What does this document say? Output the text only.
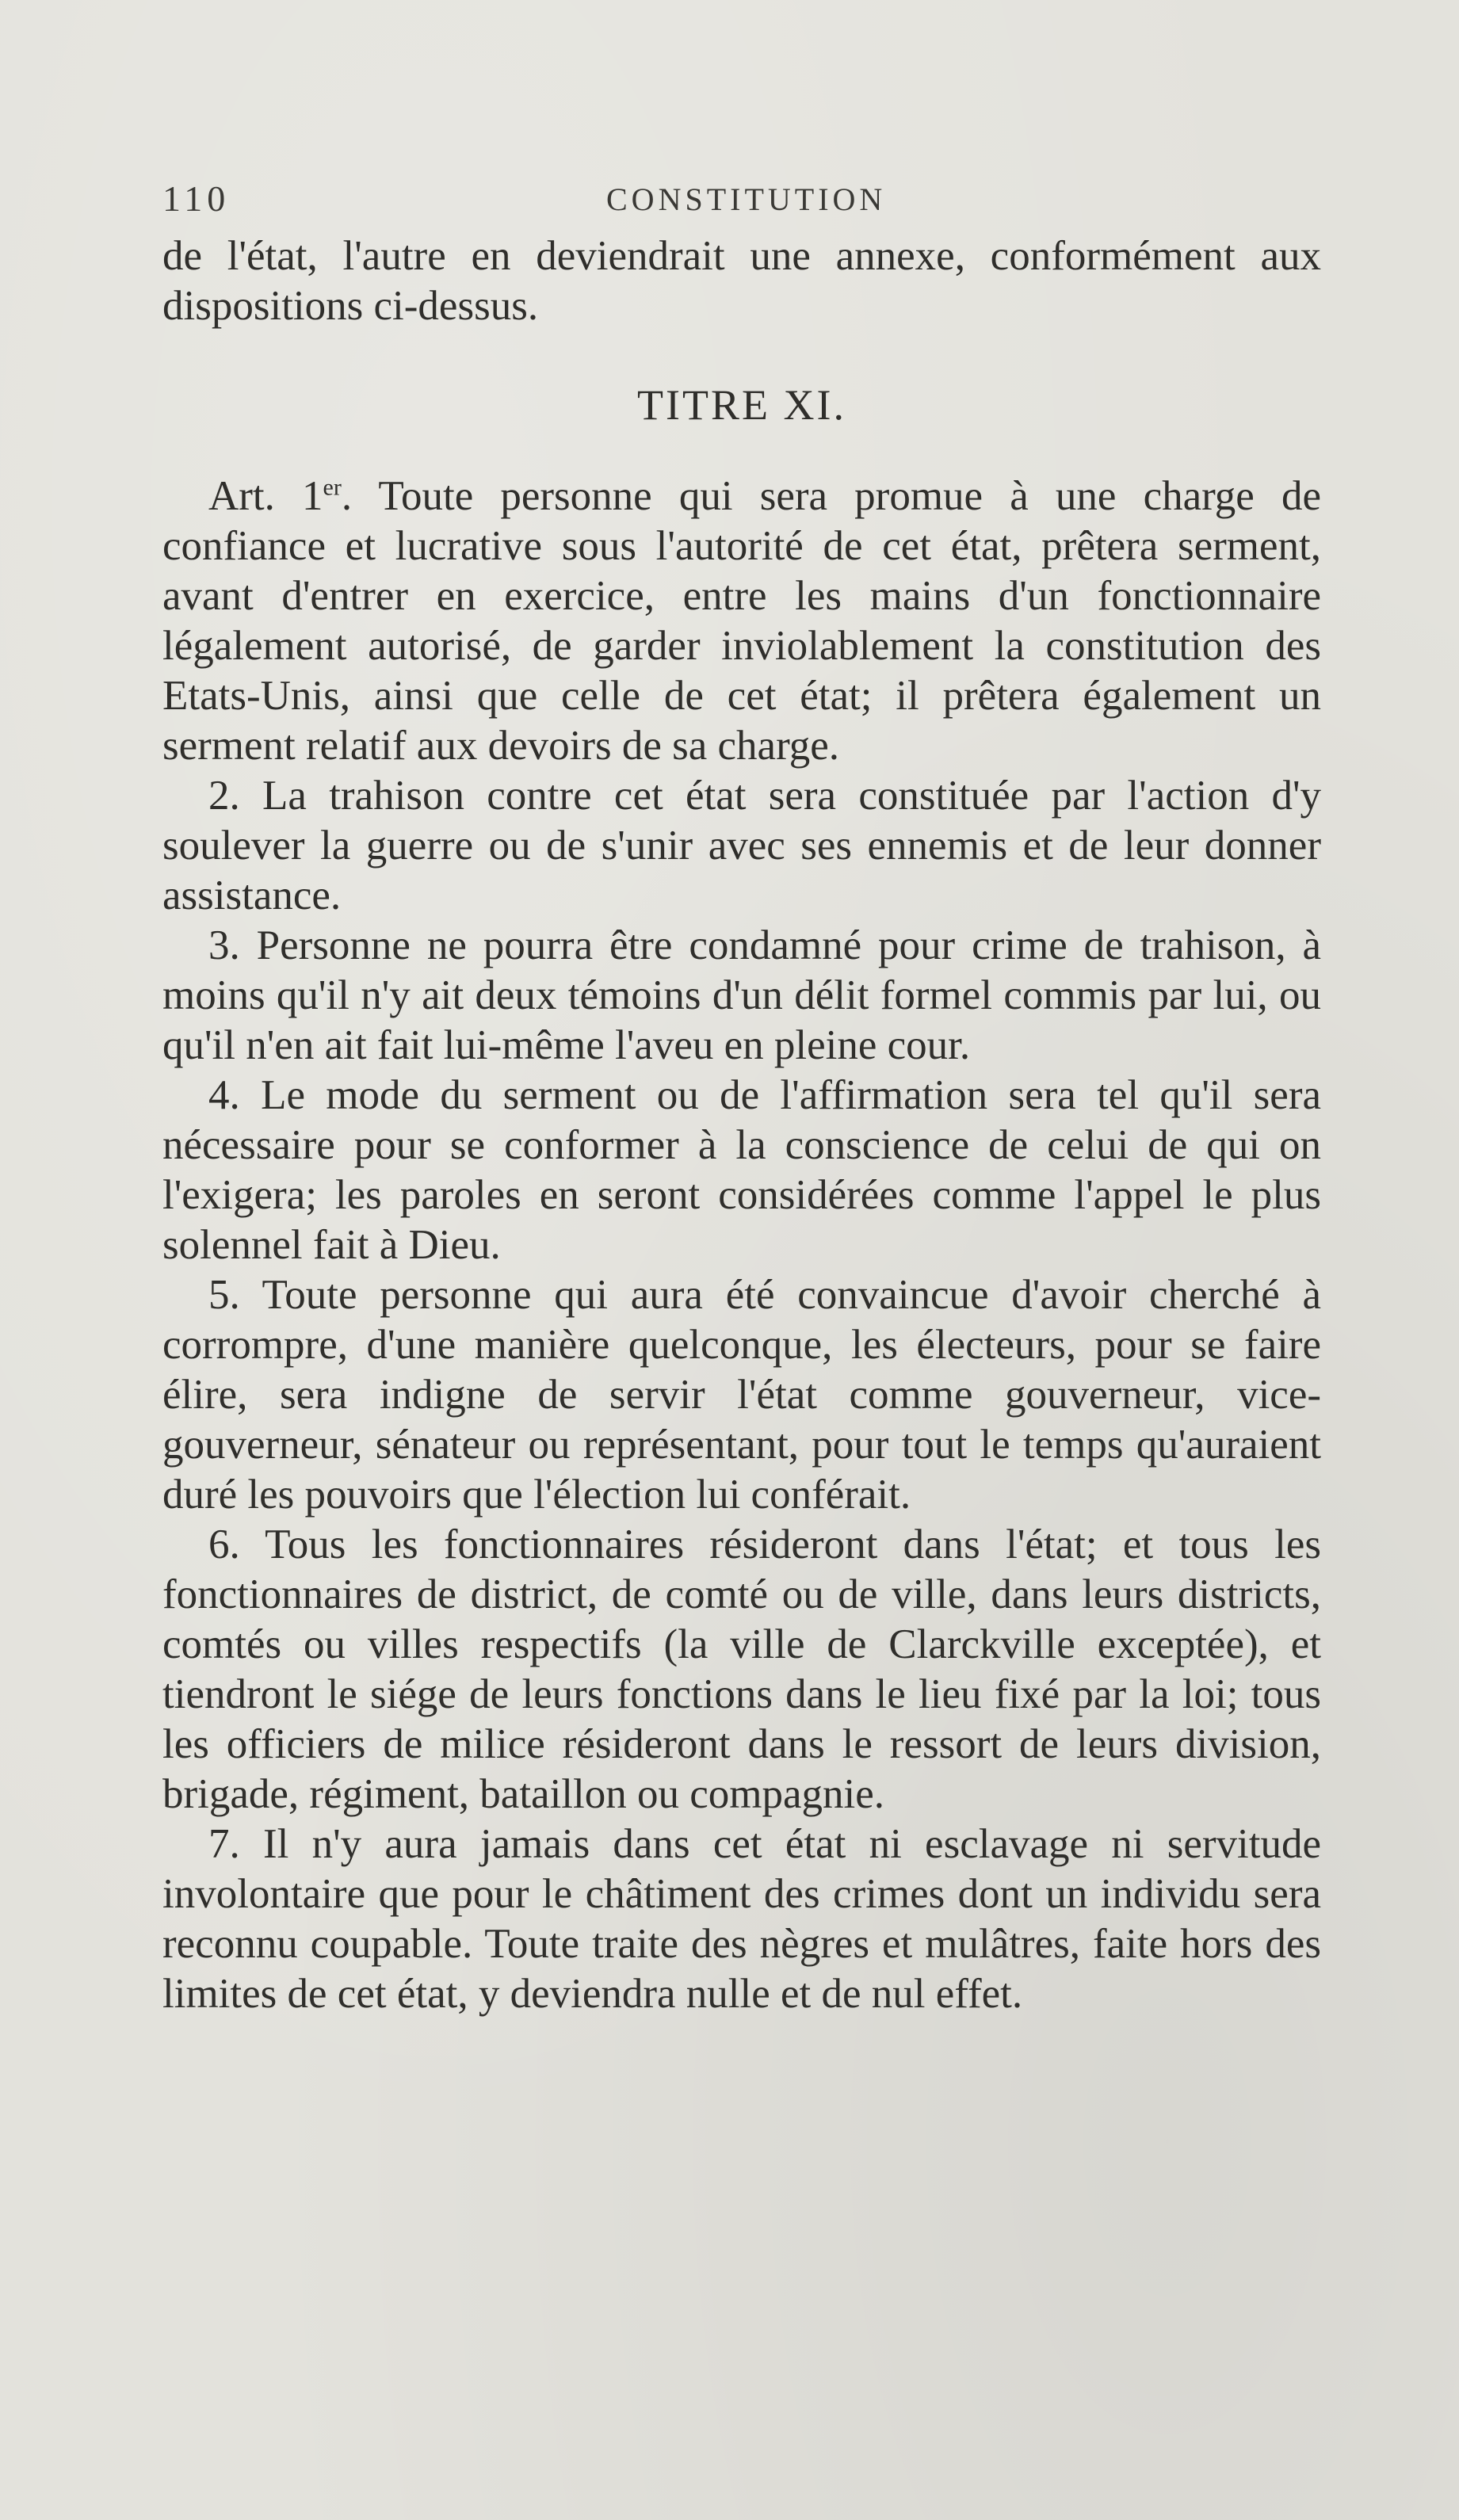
110	CONSTITUTION

de l'état, l'autre en deviendrait une annexe, conformément aux dispositions ci-dessus.

TITRE XI.

Art. 1er. Toute personne qui sera promue à une charge de confiance et lucrative sous l'autorité de cet état, prêtera serment, avant d'entrer en exercice, entre les mains d'un fonctionnaire légalement autorisé, de garder inviolablement la constitution des Etats-Unis, ainsi que celle de cet état; il prêtera également un serment relatif aux devoirs de sa charge.

2. La trahison contre cet état sera constituée par l'action d'y soulever la guerre ou de s'unir avec ses ennemis et de leur donner assistance.

3. Personne ne pourra être condamné pour crime de trahison, à moins qu'il n'y ait deux témoins d'un délit formel commis par lui, ou qu'il n'en ait fait lui-même l'aveu en pleine cour.

4. Le mode du serment ou de l'affirmation sera tel qu'il sera nécessaire pour se conformer à la conscience de celui de qui on l'exigera; les paroles en seront considérées comme l'appel le plus solennel fait à Dieu.

5. Toute personne qui aura été convaincue d'avoir cherché à corrompre, d'une manière quelconque, les électeurs, pour se faire élire, sera indigne de servir l'état comme gouverneur, vice-gouverneur, sénateur ou représentant, pour tout le temps qu'auraient duré les pouvoirs que l'élection lui conférait.

6. Tous les fonctionnaires résideront dans l'état; et tous les fonctionnaires de district, de comté ou de ville, dans leurs districts, comtés ou villes respectifs (la ville de Clarckville exceptée), et tiendront le siége de leurs fonctions dans le lieu fixé par la loi; tous les officiers de milice résideront dans le ressort de leurs division, brigade, régiment, bataillon ou compagnie.

7. Il n'y aura jamais dans cet état ni esclavage ni servitude involontaire que pour le châtiment des crimes dont un individu sera reconnu coupable. Toute traite des nègres et mulâtres, faite hors des limites de cet état, y deviendra nulle et de nul effet.
